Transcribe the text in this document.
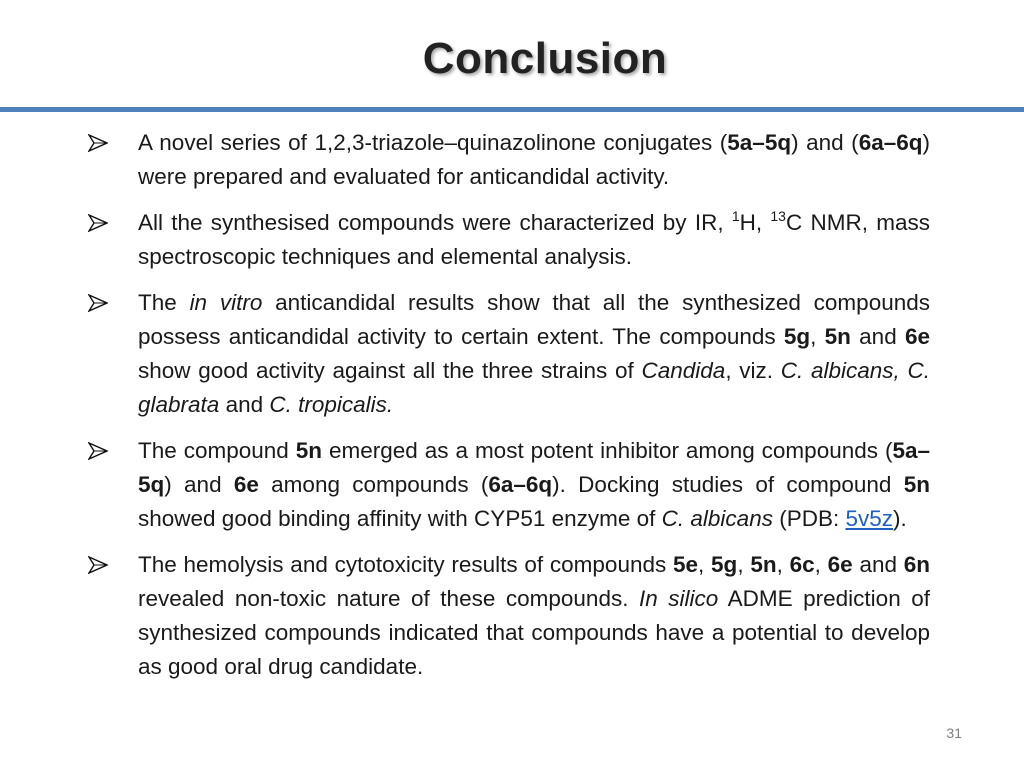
Conclusion
A novel series of 1,2,3-triazole–quinazolinone conjugates (5a–5q) and (6a–6q) were prepared and evaluated for anticandidal activity.
All the synthesised compounds were characterized by IR, $^1$H, $^{13}$C NMR, mass spectroscopic techniques and elemental analysis.
The in vitro anticandidal results show that all the synthesized compounds possess anticandidal activity to certain extent. The compounds 5g, 5n and 6e show good activity against all the three strains of Candida, viz. C. albicans, C. glabrata and C. tropicalis.
The compound 5n emerged as a most potent inhibitor among compounds (5a–5q) and 6e among compounds (6a–6q). Docking studies of compound 5n showed good binding affinity with CYP51 enzyme of C. albicans (PDB: 5v5z).
The hemolysis and cytotoxicity results of compounds 5e, 5g, 5n, 6c, 6e and 6n revealed non-toxic nature of these compounds. In silico ADME prediction of synthesized compounds indicated that compounds have a potential to develop as good oral drug candidate.
31
